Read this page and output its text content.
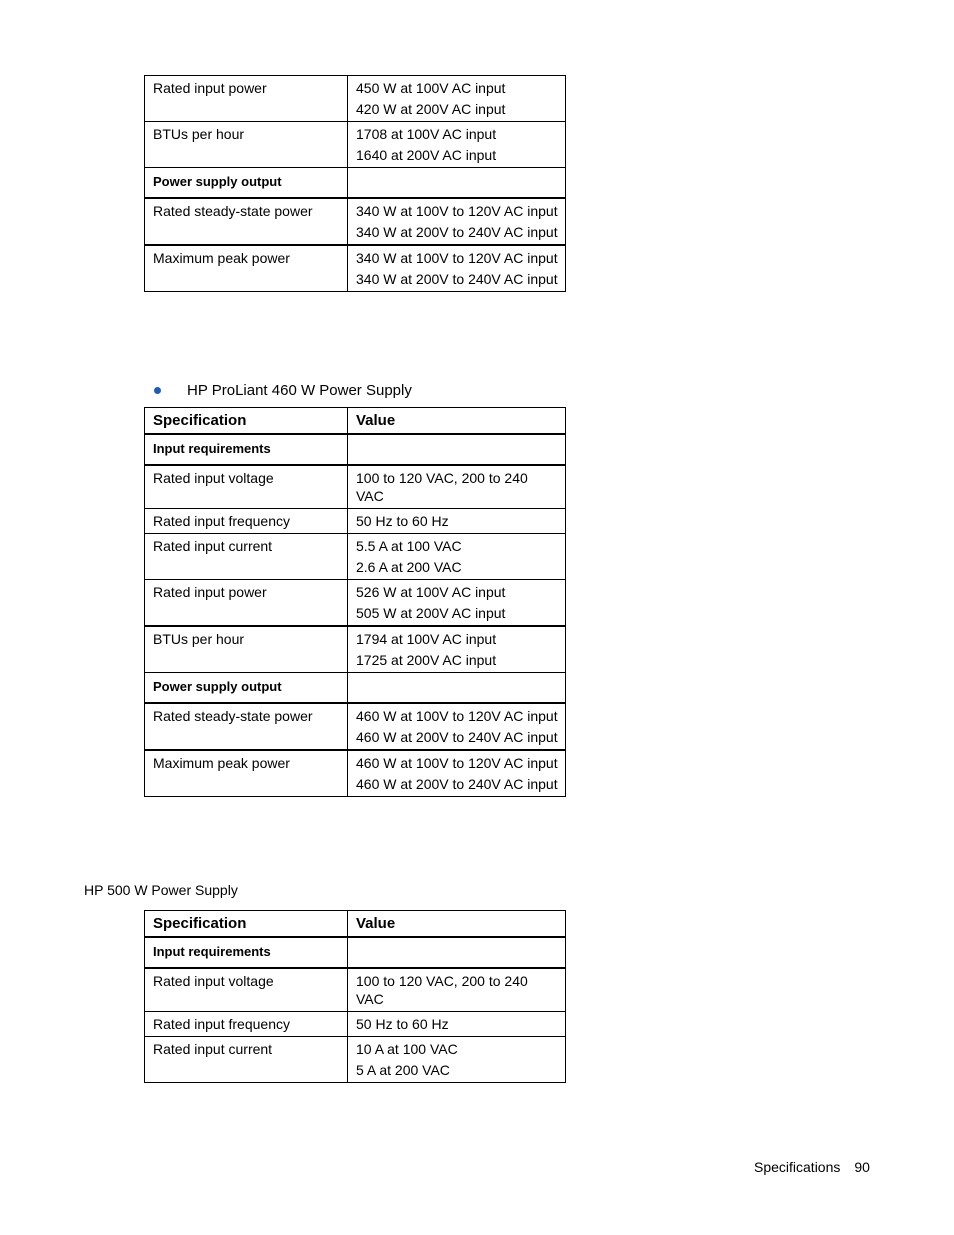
Rated input power	450 W at 100V AC input
420 W at 200V AC input

BTUs per hour	1708 at 100V AC input
1640 at 200V AC input

Power supply output	
Rated steady-state power	340 W at 100V to 120V AC input
340 W at 200V to 240V AC input

Maximum peak power	340 W at 100V to 120V AC input
340 W at 200V to 240V AC input
HP ProLiant 460 W Power Supply
Specification	Value
Input requirements	
Rated input voltage	100 to 120 VAC, 200 to 240 VAC

Rated input frequency	50 Hz to 60 Hz

Rated input current	5.5 A at 100 VAC
2.6 A at 200 VAC

Rated input power	526 W at 100V AC input
505 W at 200V AC input

BTUs per hour	1794 at 100V AC input
1725 at 200V AC input

Power supply output	
Rated steady-state power	460 W at 100V to 120V AC input
460 W at 200V to 240V AC input

Maximum peak power	460 W at 100V to 120V AC input
460 W at 200V to 240V AC input
HP 500 W Power Supply
Specification	Value
Input requirements	
Rated input voltage	100 to 120 VAC, 200 to 240 VAC

Rated input frequency	50 Hz to 60 Hz

Rated input current	10 A at 100 VAC
5 A at 200 VAC
Specifications 90
